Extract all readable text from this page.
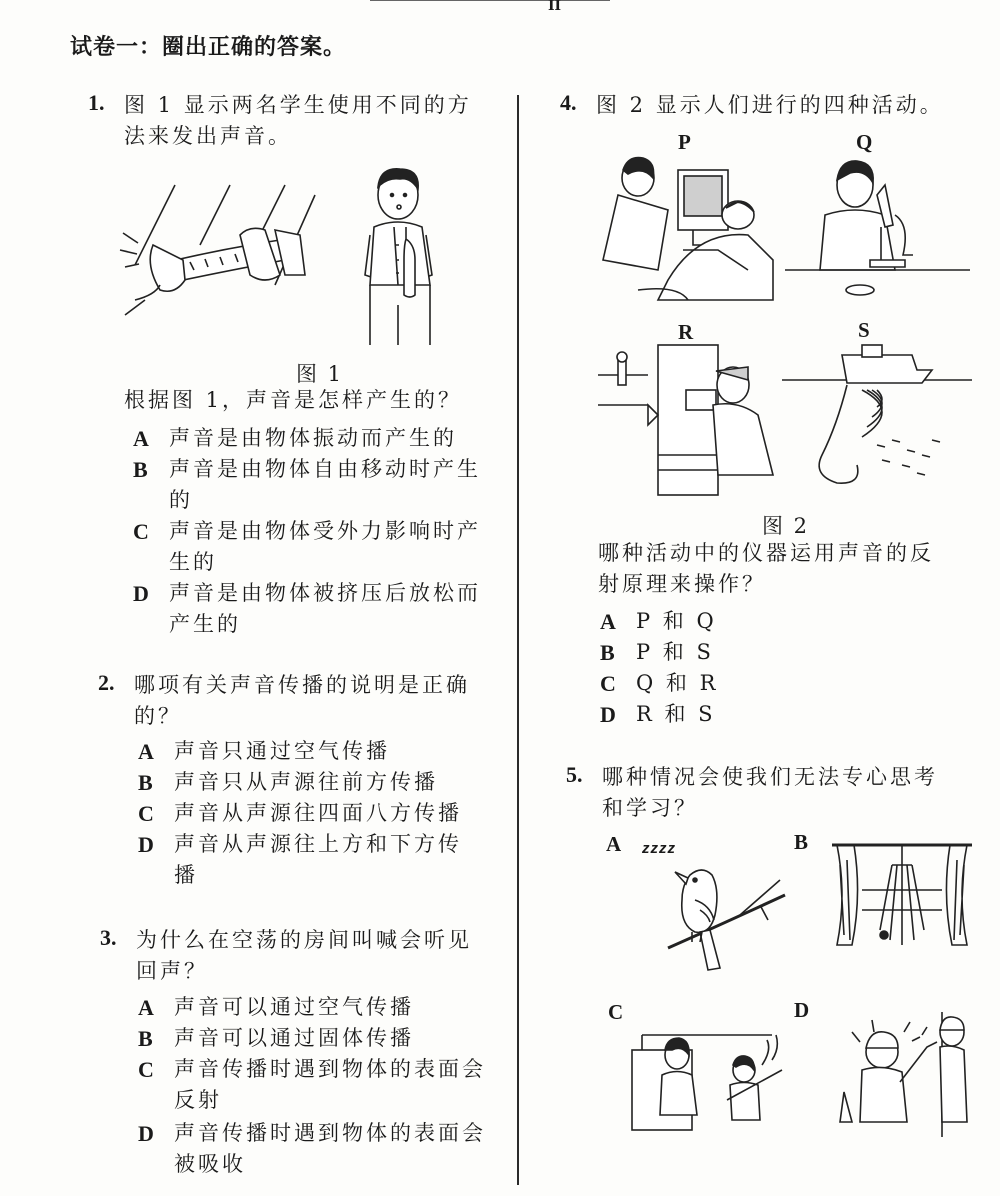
II
试卷一：圈出正确的答案。
1. 图 1 显示两名学生使用不同的方
法来发出声音。
图 1
根据图 1，声音是怎样产生的？
A 声音是由物体振动而产生的
B	声音是由物体自由移动时产生
的
C 声音是由物体受外力影响时产
生的
D 声音是由物体被挤压后放松而
产生的
2. 哪项有关声音传播的说明是正确
的？
A 声音只通过空气传播
B	声音只从声源往前方传播
C 声音从声源往四面八方传播
D 声音从声源往上方和下方传
播
3. 为什么在空荡的房间叫喊会听见
回声？
A 声音可以通过空气传播
B	声音可以通过固体传播
C 声音传播时遇到物体的表面会
反射
D 声音传播时遇到物体的表面会
被吸收
4. 图 2 显示人们进行的四种活动。
P	Q
R	S
图 2
哪种活动中的仪器运用声音的反
射原理来操作？
A P 和 Q
B	P 和 S
C Q 和 R
D R 和 S
5. 哪种情况会使我们无法专心思考
和学习？
A	B
C	D
zzzz
